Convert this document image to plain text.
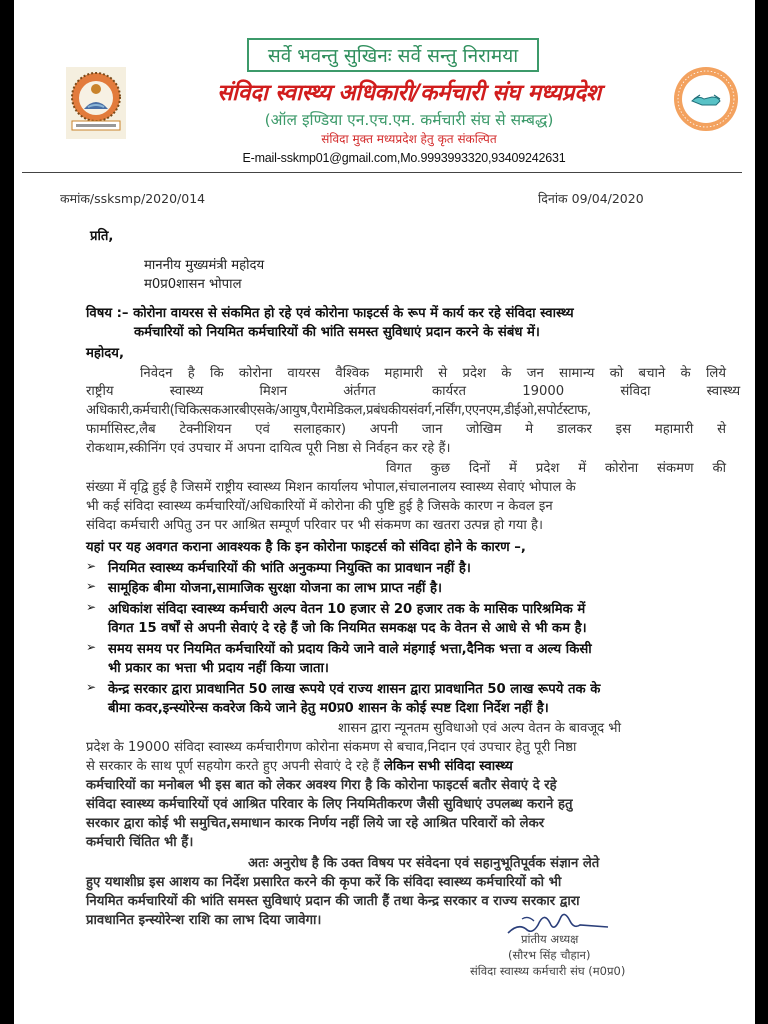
सर्वे भवन्तु सुखिनः सर्वे सन्तु निरामया
संविदा स्वास्थ्य अधिकारी/कर्मचारी संघ मध्यप्रदेश
(ऑल इण्डिया एन.एच.एम. कर्मचारी संघ से सम्बद्ध)
संविदा मुक्त मध्यप्रदेश हेतु कृत संकल्पित
E-mail-sskmp01@gmail.com,Mo.9993993320,9340924263​1
कमांक/ssksmp/2020/014	दिनांक 09/04/2020
प्रति,
माननीय मुख्यमंत्री महोदय
म0प्र0शासन भोपाल
विषय :– कोरोना वायरस से संकमित हो रहे एवं कोरोना फाइटर्स के रूप में कार्य कर रहे संविदा स्वास्थ्य
कर्मचारियों को नियमित कर्मचारियों की भांति समस्त सुविधाएं प्रदान करने के संबंध में।
महोदय,
निवेदन है कि कोरोना वायरस वैश्विक महामारी से प्रदेश के जन सामान्य को बचाने के लिये
राष्ट्रीय स्वास्थ्य मिशन अंर्तगत कार्यरत 19000 संविदा स्वास्थ्य
अधिकारी,कर्मचारी(चिकित्सकआरबीएसके/आयुष,पैरामेडिकल,प्रबंधकीयसंवर्ग,नर्सिंग,एएनएम,डीईओ,सपोर्टस्टाफ,
फार्मासिस्ट,लैब टेक्नीशियन एवं सलाहकार) अपनी जान जोखिम मे डालकर इस महामारी से
रोकथाम,स्कीनिंग एवं उपचार में अपना दायित्व पूरी निष्ठा से निर्वहन कर रहे हैं।
विगत कुछ दिनों में प्रदेश में कोरोना संकमण की
संख्या में वृद्वि हुई है जिसमें राष्ट्रीय स्वास्थ्य मिशन कार्यालय भोपाल,संचालनालय स्वास्थ्य सेवाएं भोपाल के
भी कई संविदा स्वास्थ्य कर्मचारियों/अधिकारियों में कोरोना की पुष्टि हुई है जिसके कारण न केवल इन
संविदा कर्मचारी अपितु उन पर आश्रित सम्पूर्ण परिवार पर भी संकमण का खतरा उत्पन्न हो गया है।
यहां पर यह अवगत कराना आवश्यक है कि इन कोरोना फाइटर्स को संविदा होने के कारण –,
➢ नियमित स्वास्थ्य कर्मचारियों की भांति अनुकम्पा नियुक्ति का प्रावधान नहीं है।
➢ सामूहिक बीमा योजना,सामाजिक सुरक्षा योजना का लाभ प्राप्त नहीं है।
➢ अधिकांश संविदा स्वास्थ्य कर्मचारी अल्प वेतन 10 हजार से 20 हजार तक के मासिक पारिश्रमिक में
विगत 15 वर्षों से अपनी सेवाएं दे रहे हैं जो कि नियमित समकक्ष पद के वेतन से आधे से भी कम है।
➢ समय समय पर नियमित कर्मचारियों को प्रदाय किये जाने वाले मंहगाई भत्ता,दैनिक भत्ता व अल्य किसी
भी प्रकार का भत्ता भी प्रदाय नहीं किया जाता।
➢ केन्द्र सरकार द्वारा प्रावधानित 50 लाख रूपये एवं राज्य शासन द्वारा प्रावधानित 50 लाख रूपये तक के
बीमा कवर,इन्स्योरेन्स कवरेज किये जाने हेतु म0प्र0 शासन के कोई स्पष्ट दिशा निर्देश नहीं है।
शासन द्वारा न्यूनतम सुविधाओ एवं अल्प वेतन के बावजूद भी
प्रदेश के 19000 संविदा स्वास्थ्य कर्मचारीगण कोरोना संकमण से बचाव,निदान एवं उपचार हेतु पूरी निष्ठा
से सरकार के साथ पूर्ण सहयोग करते हुए अपनी सेवाएं दे रहे हैं लेकिन सभी संविदा स्वास्थ्य
कर्मचारियों का मनोबल भी इस बात को लेकर अवश्य गिरा है कि कोरोना फाइटर्स बतौर सेवाएं दे रहे
संविदा स्वास्थ्य कर्मचारियों एवं आश्रित परिवार के लिए नियमितीकरण जैसी सुविधाएं उपलब्ध कराने हतु
सरकार द्वारा कोई भी समुचित,समाधान कारक निर्णय नहीं लिये जा रहे आश्रित परिवारों को लेकर
कर्मचारी चिंतित भी हैं।
अतः अनुरोध है कि उक्त विषय पर संवेदना एवं सहानुभूतिपूर्वक संज्ञान लेते
हुए यथाशीघ्र इस आशय का निर्देश प्रसारित करने की कृपा करें कि संविदा स्वास्थ्य कर्मचारियों को भी
नियमित कर्मचारियों की भांति समस्त सुविधाएं प्रदान की जाती हैं तथा केन्द्र सरकार व राज्य सरकार द्वारा
प्रावधानित इन्स्योरेन्श राशि का लाभ दिया जावेगा।
प्रांतीय अध्यक्ष
(सौरभ सिंह चौहान)
संविदा स्वास्थ्य कर्मचारी संघ (म0प्र0)
